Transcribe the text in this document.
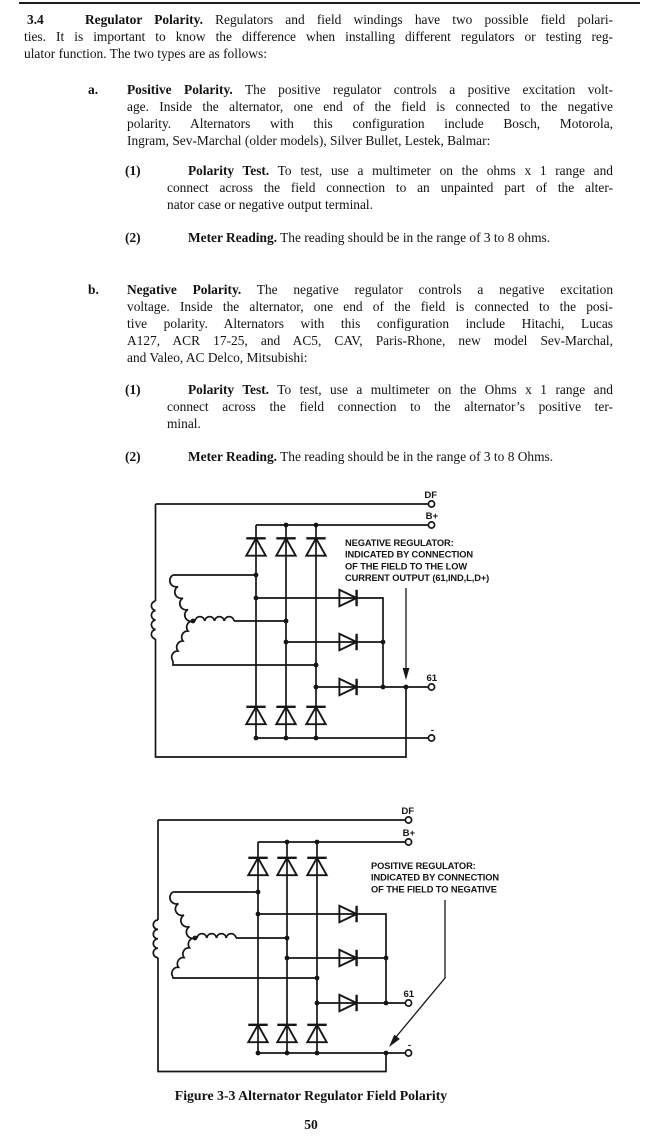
3.4	Regulator Polarity. Regulators and field windings have two possible field polari-
ties. It is important to know the difference when installing different regulators or testing reg-
ulator function. The two types are as follows:
a. Positive Polarity. The positive regulator controls a positive excitation volt-
age. Inside the alternator, one end of the field is connected to the negative
polarity. Alternators with this configuration include Bosch, Motorola,
Ingram, Sev-Marchal (older models), Silver Bullet, Lestek, Balmar:
(1)	Polarity Test. To test, use a multimeter on the ohms x 1 range and
connect across the field connection to an unpainted part of the alter-
nator case or negative output terminal.
(2)	Meter Reading. The reading should be in the range of 3 to 8 ohms.
b. Negative Polarity. The negative regulator controls a negative excitation
voltage. Inside the alternator, one end of the field is connected to the posi-
tive polarity. Alternators with this configuration include Hitachi, Lucas
A127, ACR 17-25, and AC5, CAV, Paris-Rhone, new model Sev-Marchal,
and Valeo, AC Delco, Mitsubishi:
(1)	Polarity Test. To test, use a multimeter on the Ohms x 1 range and
connect across the field connection to the alternator’s positive ter-
minal.
(2)	Meter Reading. The reading should be in the range of 3 to 8 Ohms.
DF
B+
61
-
NEGATIVE REGULATOR:
INDICATED BY CONNECTION
OF THE FIELD TO THE LOW
CURRENT OUTPUT (61,IND,L,D+)
DF
B+
61
-
POSITIVE REGULATOR:
INDICATED BY CONNECTION
OF THE FIELD TO NEGATIVE
Figure 3-3 Alternator Regulator Field Polarity
50
